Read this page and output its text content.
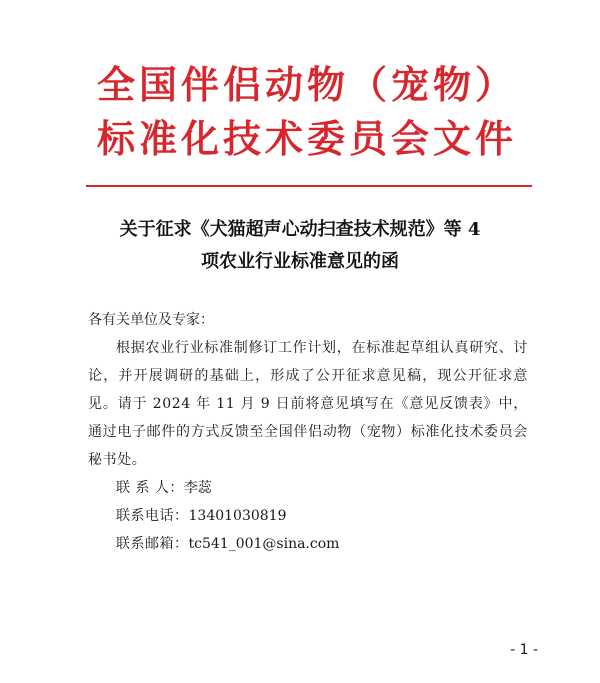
全国伴侣动物（宠物）
标准化技术委员会文件
关于征求《犬猫超声心动扫查技术规范》等 4
项农业行业标准意见的函
各有关单位及专家：
根据农业行业标准制修订工作计划，在标准起草组认真研究、讨论，并开展调研的基础上，形成了公开征求意见稿，现公开征求意见。请于 2024 年 11 月 9 日前将意见填写在《意见反馈表》中，通过电子邮件的方式反馈至全国伴侣动物（宠物）标准化技术委员会秘书处。
联 系 人：李蕊
联系电话：13401030819
联系邮箱：tc541_001@sina.com
- 1 -
